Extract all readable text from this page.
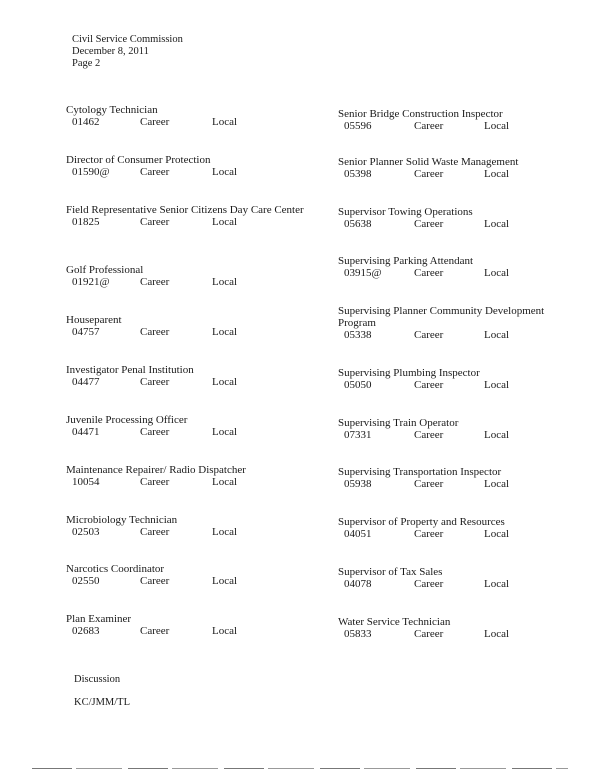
Civil Service Commission
December 8, 2011
Page 2
Cytology Technician
01462	Career	Local
Director of Consumer Protection
01590@	Career	Local
Field Representative Senior Citizens Day Care Center
01825	Career	Local
Golf Professional
01921@	Career	Local
Houseparent
04757	Career	Local
Investigator Penal Institution
04477	Career	Local
Juvenile Processing Officer
04471	Career	Local
Maintenance Repairer/ Radio Dispatcher
10054	Career	Local
Microbiology Technician
02503	Career	Local
Narcotics Coordinator
02550	Career	Local
Plan Examiner
02683	Career	Local
Senior Bridge Construction Inspector
05596	Career	Local
Senior Planner Solid Waste Management
05398	Career	Local
Supervisor Towing Operations
05638	Career	Local
Supervising Parking Attendant
03915@	Career	Local
Supervising Planner Community Development Program
05338	Career	Local
Supervising Plumbing Inspector
05050	Career	Local
Supervising Train Operator
07331	Career	Local
Supervising Transportation Inspector
05938	Career	Local
Supervisor of Property and Resources
04051	Career	Local
Supervisor of Tax Sales
04078	Career	Local
Water Service Technician
05833	Career	Local
Discussion
KC/JMM/TL
